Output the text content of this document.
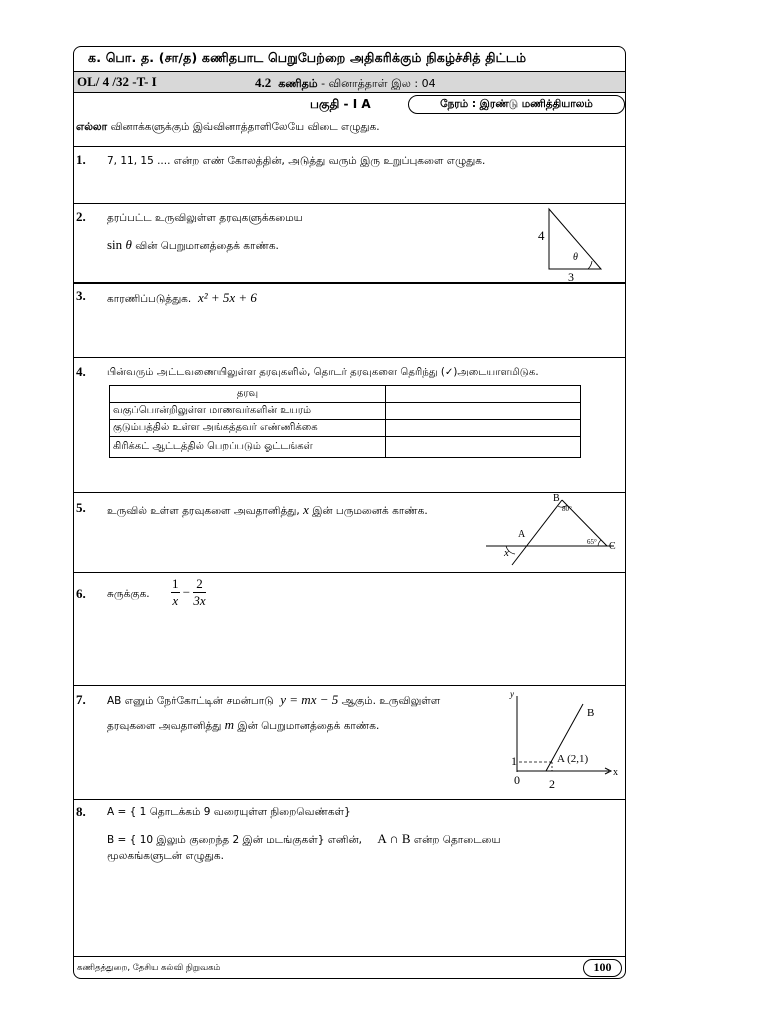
க. பொ. த. (சா/த) கணிதபாட பெறுபேற்றை அதிகரிக்கும் நிகழ்ச்சித் திட்டம்
OL/ 4 /32 -T- I	4.2 கணிதம் - வினாத்தாள் இல : 04
பகுதி - I A	நேரம் : இரண்டு மணித்தியாலம்
எல்லா வினாக்களுக்கும் இவ்வினாத்தாளிலேயே விடை எழுதுக.
1. 7, 11, 15 .... என்ற எண் கோலத்தின், அடுத்து வரும் இரு உறுப்புகளை எழுதுக.
2. தரப்பட்ட உருவிலுள்ள தரவுகளுக்கமைய
sin θ வின் பெறுமானத்தைக் காண்க.
4
3
θ
3. காரணிப்படுத்துக. x² + 5x + 6
4. பின்வரும் அட்டவணையிலுள்ள தரவுகளில், தொடர் தரவுகளை தெரிந்து (✓)அடையாளமிடுக.
தரவு	
வகுப்பொன்றிலுள்ள மாணவர்களின் உயரம்	
குடும்பத்தில் உள்ள அங்கத்தவர் எண்ணிக்கை	
கிரிக்கட் ஆட்டத்தில் பெறப்படும் ஓட்டங்கள்	
5. உருவில் உள்ள தரவுகளை அவதானித்து, x இன் பருமனைக் காண்க.
B
80°
A
65° C
x
6. சுருக்குக. $\frac{1}{x} - \frac{2}{3x}$
7. AB எனும் நேர்கோட்டின் சமன்பாடு y = mx − 5 ஆகும். உருவிலுள்ள
தரவுகளை அவதானித்து m இன் பெறுமானத்தைக் காண்க.
y
B
A (2,1)
1
0 2
x
8. A = { 1 தொடக்கம் 9 வரையுள்ள நிறைவெண்கள்}
B = { 10 இலும் குறைந்த 2 இன் மடங்குகள்} எனின், A ∩ B என்ற தொடையை
மூலகங்களுடன் எழுதுக.
கணிதத்துறை, தேசிய கல்வி நிறுவகம்	100
